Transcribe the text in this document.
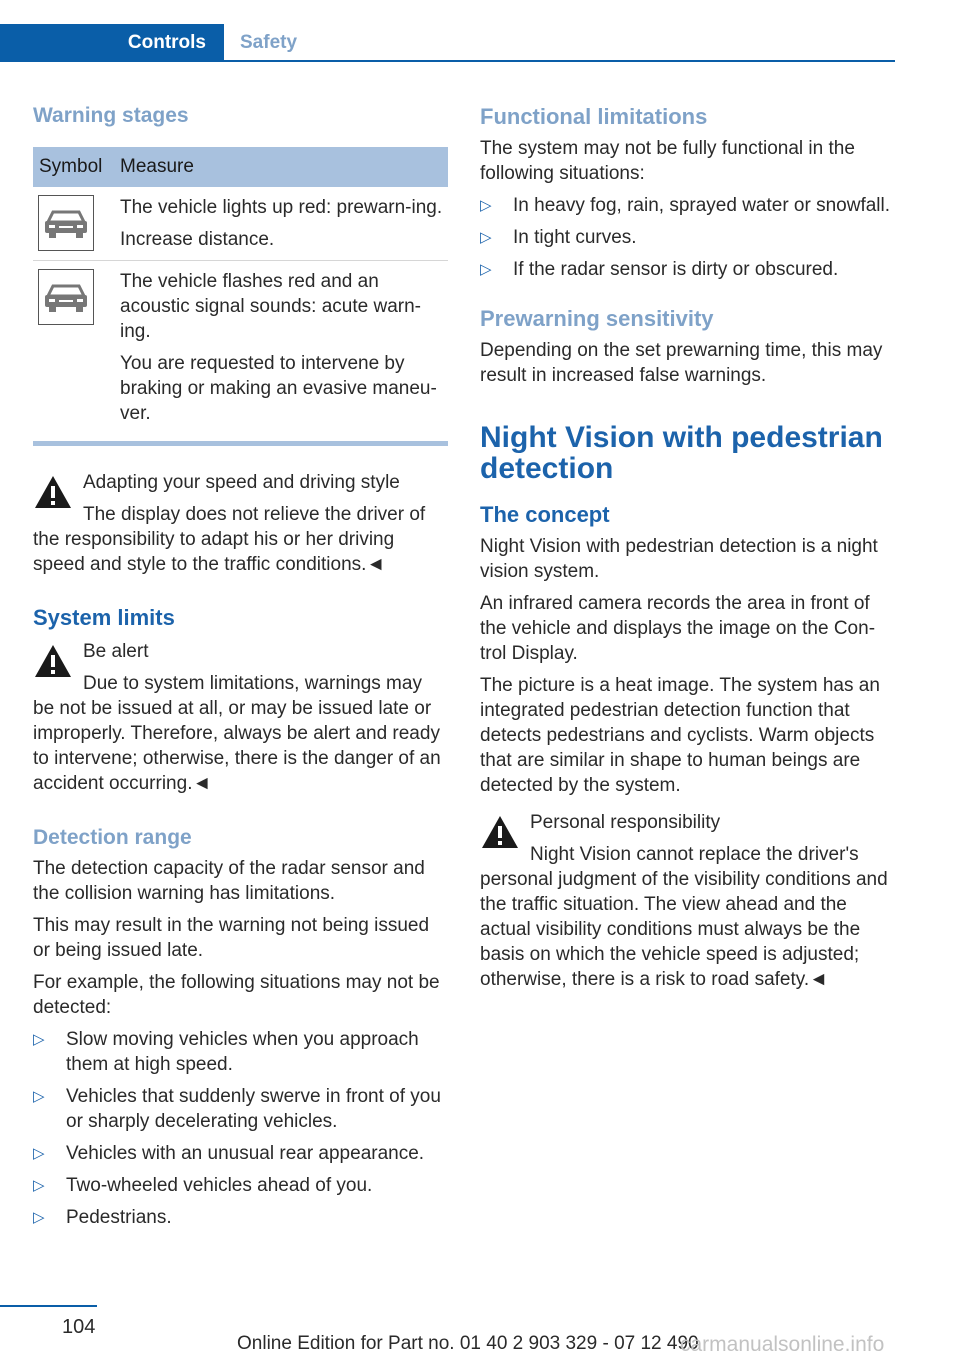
Controls	Safety
Warning stages
Symbol Measure

The vehicle lights up red: prewarn-ing.

Increase distance.

The vehicle flashes red and an acoustic signal sounds: acute warn-ing.

You are requested to intervene by braking or making an evasive maneu-ver.

Adapting your speed and driving style

The display does not relieve the driver of the responsibility to adapt his or her driving speed and style to the traffic conditions.◄

System limits
Be alert

Due to system limitations, warnings may be not be issued at all, or may be issued late or improperly. Therefore, always be alert and ready to intervene; otherwise, there is the danger of an accident occurring.◄

Detection range

The detection capacity of the radar sensor and the collision warning has limitations.

This may result in the warning not being issued or being issued late.

For example, the following situations may not be detected:

▷ Slow moving vehicles when you approach them at high speed.
▷ Vehicles that suddenly swerve in front of you or sharply decelerating vehicles.
▷ Vehicles with an unusual rear appearance.
▷ Two-wheeled vehicles ahead of you.
▷ Pedestrians.
Functional limitations

The system may not be fully functional in the following situations:

▷ In heavy fog, rain, sprayed water or snowfall.
▷ In tight curves.
▷ If the radar sensor is dirty or obscured.
Prewarning sensitivity

Depending on the set prewarning time, this may result in increased false warnings.

Night Vision with pedestrian detection
The concept

Night Vision with pedestrian detection is a night vision system.

An infrared camera records the area in front of the vehicle and displays the image on the Con-trol Display.

The picture is a heat image. The system has an integrated pedestrian detection function that detects pedestrians and cyclists. Warm objects that are similar in shape to human beings are detected by the system.

Personal responsibility

Night Vision cannot replace the driver's personal judgment of the visibility conditions and the traffic situation. The view ahead and the actual visibility conditions must always be the basis on which the vehicle speed is adjusted; otherwise, there is a risk to road safety.◄

104
Online Edition for Part no. 01 40 2 903 329 - 07 12 490
carmanualsonline.info
